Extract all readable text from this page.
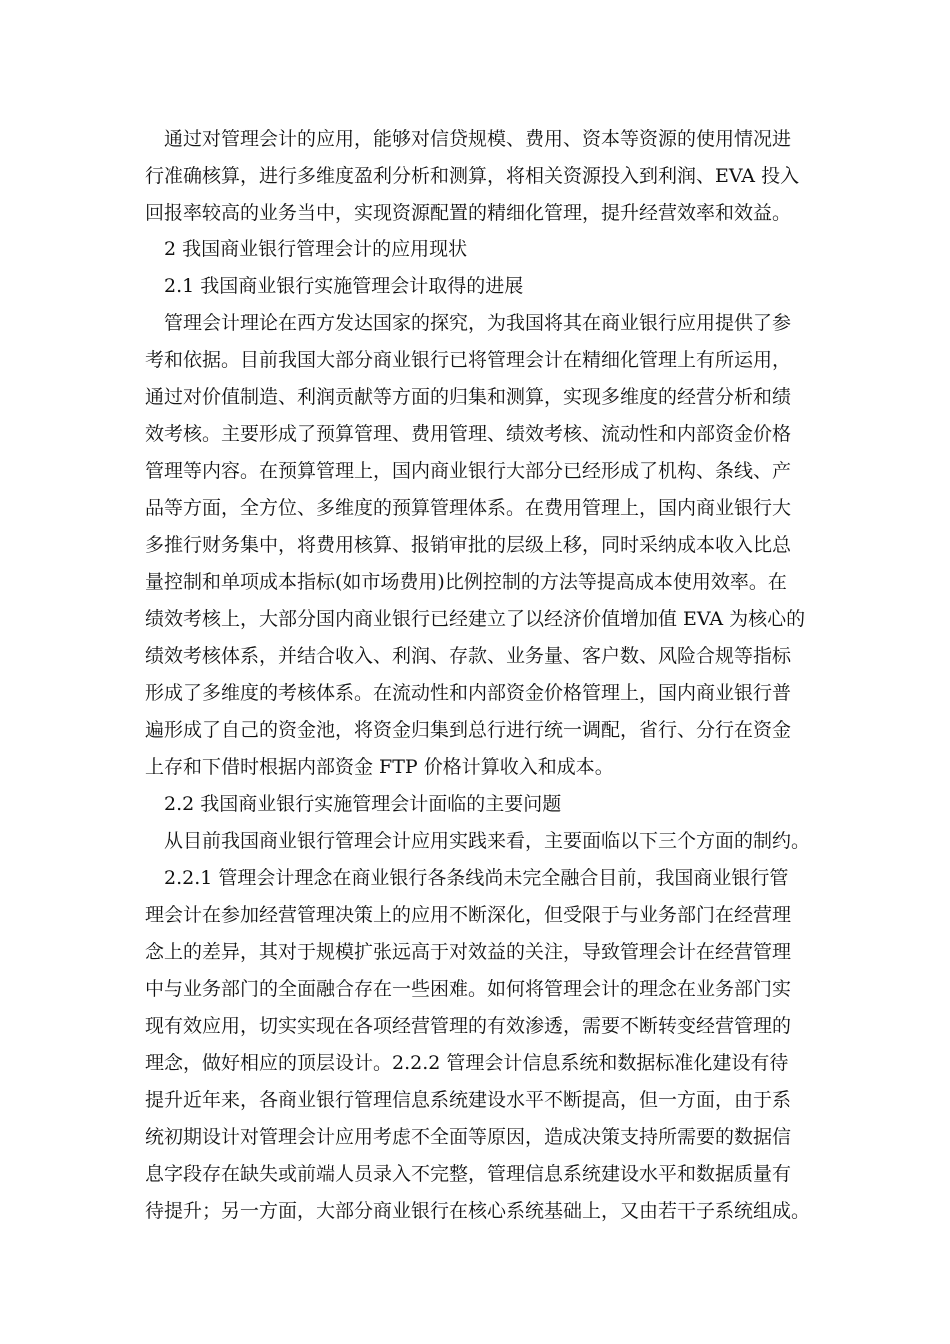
　通过对管理会计的应用，能够对信贷规模、费用、资本等资源的使用情况进
行准确核算，进行多维度盈利分析和测算，将相关资源投入到利润、EVA 投入
回报率较高的业务当中，实现资源配置的精细化管理，提升经营效率和效益。
　2 我国商业银行管理会计的应用现状
　2.1 我国商业银行实施管理会计取得的进展
　管理会计理论在西方发达国家的探究，为我国将其在商业银行应用提供了参
考和依据。目前我国大部分商业银行已将管理会计在精细化管理上有所运用，
通过对价值制造、利润贡献等方面的归集和测算，实现多维度的经营分析和绩
效考核。主要形成了预算管理、费用管理、绩效考核、流动性和内部资金价格
管理等内容。在预算管理上，国内商业银行大部分已经形成了机构、条线、产
品等方面，全方位、多维度的预算管理体系。在费用管理上，国内商业银行大
多推行财务集中，将费用核算、报销审批的层级上移，同时采纳成本收入比总
量控制和单项成本指标(如市场费用)比例控制的方法等提高成本使用效率。在
绩效考核上，大部分国内商业银行已经建立了以经济价值增加值 EVA 为核心的
绩效考核体系，并结合收入、利润、存款、业务量、客户数、风险合规等指标
形成了多维度的考核体系。在流动性和内部资金价格管理上，国内商业银行普
遍形成了自己的资金池，将资金归集到总行进行统一调配，省行、分行在资金
上存和下借时根据内部资金 FTP 价格计算收入和成本。
　2.2 我国商业银行实施管理会计面临的主要问题
　从目前我国商业银行管理会计应用实践来看，主要面临以下三个方面的制约。
　2.2.1 管理会计理念在商业银行各条线尚未完全融合目前，我国商业银行管
理会计在参加经营管理决策上的应用不断深化，但受限于与业务部门在经营理
念上的差异，其对于规模扩张远高于对效益的关注，导致管理会计在经营管理
中与业务部门的全面融合存在一些困难。如何将管理会计的理念在业务部门实
现有效应用，切实实现在各项经营管理的有效渗透，需要不断转变经营管理的
理念，做好相应的顶层设计。2.2.2 管理会计信息系统和数据标准化建设有待
提升近年来，各商业银行管理信息系统建设水平不断提高，但一方面，由于系
统初期设计对管理会计应用考虑不全面等原因，造成决策支持所需要的数据信
息字段存在缺失或前端人员录入不完整，管理信息系统建设水平和数据质量有
待提升；另一方面，大部分商业银行在核心系统基础上，又由若干子系统组成。
